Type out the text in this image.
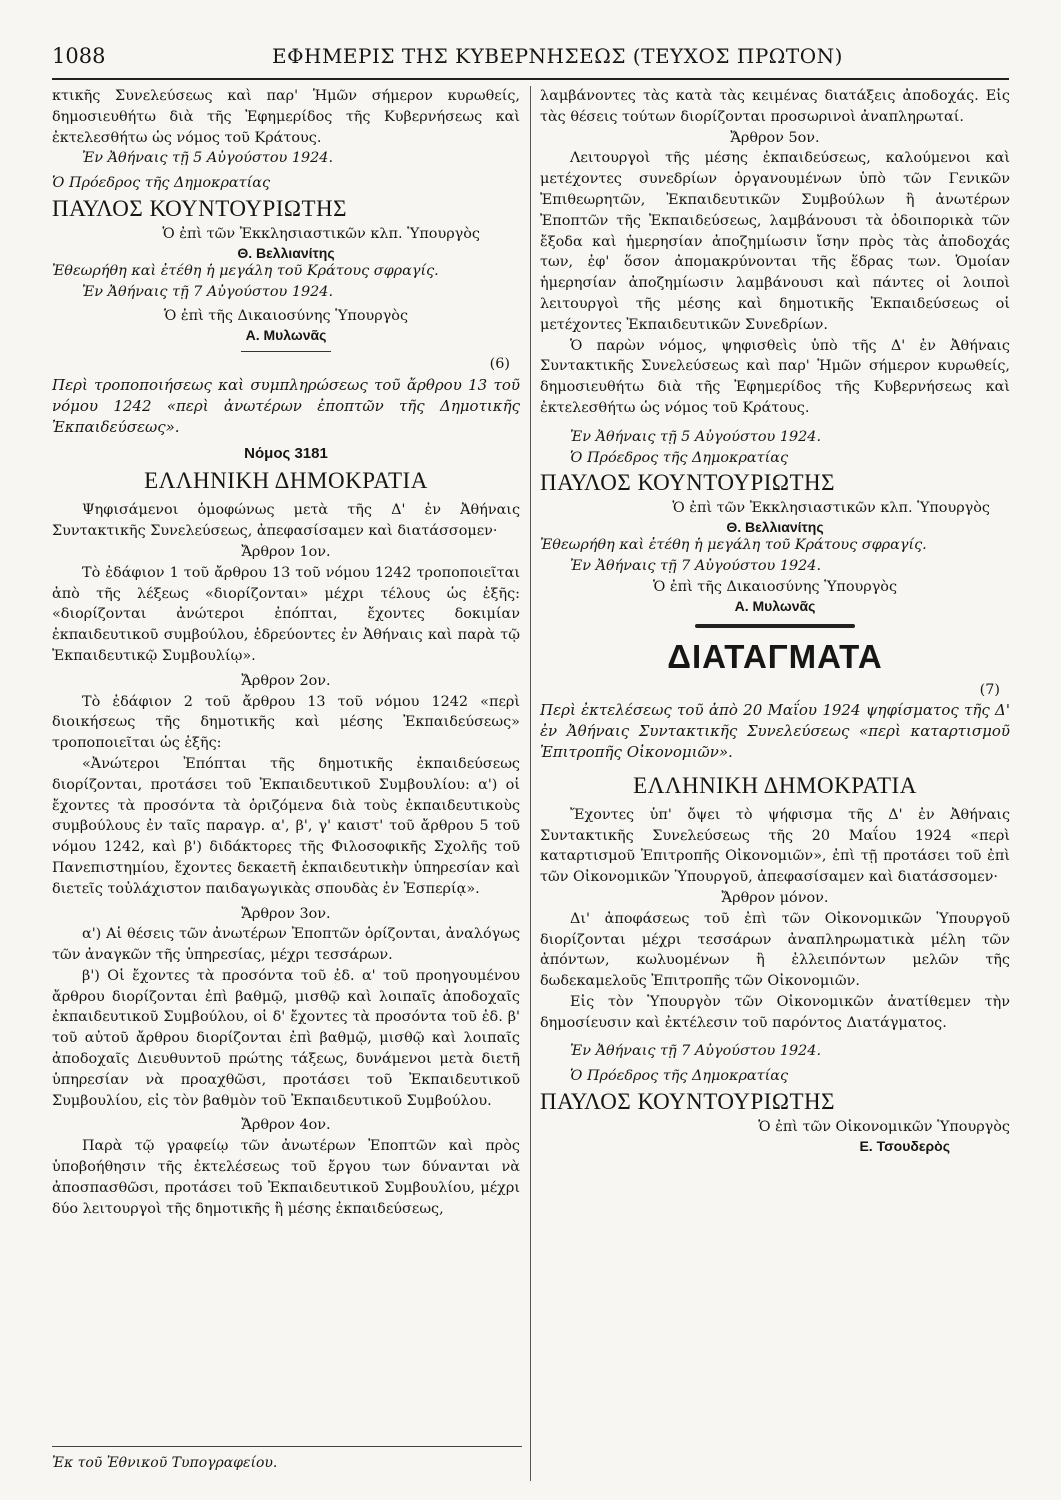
1088	ΕΦΗΜΕΡΙΣ ΤΗΣ ΚΥΒΕΡΝΗΣΕΩΣ (ΤΕΥΧΟΣ ΠΡΩΤΟΝ)

κτικῆς Συνελεύσεως καὶ παρ' Ἡμῶν σήμερον κυρωθείς, δημοσιευθήτω διὰ τῆς Ἐφημερίδος τῆς Κυβερνήσεως καὶ ἐκτελεσθήτω ὡς νόμος τοῦ Κράτους.

Ἐν Ἀθήναις τῇ 5 Αὐγούστου 1924.

Ὁ Πρόεδρος τῆς Δημοκρατίας

ΠΑΥΛΟΣ ΚΟΥΝΤΟΥΡΙΩΤΗΣ

Ὁ ἐπὶ τῶν Ἐκκλησιαστικῶν κλπ. Ὑπουργὸς

Θ. Βελλιανίτης

Ἐθεωρήθη καὶ ἐτέθη ἡ μεγάλη τοῦ Κράτους σφραγίς.

Ἐν Ἀθήναις τῇ 7 Αὐγούστου 1924.

Ὁ ἐπὶ τῆς Δικαιοσύνης Ὑπουργὸς

Α. Μυλωνᾶς

(6)

Περὶ τροποποιήσεως καὶ συμπληρώσεως τοῦ ἄρθρου 13 τοῦ νόμου 1242 «περὶ ἀνωτέρων ἐποπτῶν τῆς Δημοτικῆς Ἐκπαιδεύσεως».

Νόμος 3181

ΕΛΛΗΝΙΚΗ ΔΗΜΟΚΡΑΤΙΑ

Ψηφισάμενοι ὁμοφώνως μετὰ τῆς Δ' ἐν Ἀθήναις Συντακτικῆς Συνελεύσεως, ἀπεφασίσαμεν καὶ διατάσσομεν·

Ἄρθρον 1ον.

Τὸ ἐδάφιον 1 τοῦ ἄρθρου 13 τοῦ νόμου 1242 τροποποιεῖται ἀπὸ τῆς λέξεως «διορίζονται» μέχρι τέλους ὡς ἑξῆς: «διορίζονται ἀνώτεροι ἐπόπται, ἔχοντες δοκιμίαν ἐκπαιδευτικοῦ συμβούλου, ἑδρεύοντες ἐν Ἀθήναις καὶ παρὰ τῷ Ἐκπαιδευτικῷ Συμβουλίῳ».

Ἄρθρον 2ον.

Τὸ ἐδάφιον 2 τοῦ ἄρθρου 13 τοῦ νόμου 1242 «περὶ διοικήσεως τῆς δημοτικῆς καὶ μέσης Ἐκπαιδεύσεως» τροποποιεῖται ὡς ἑξῆς:

«Ἀνώτεροι Ἐπόπται τῆς δημοτικῆς ἐκπαιδεύσεως διορίζονται, προτάσει τοῦ Ἐκπαιδευτικοῦ Συμβουλίου: α') οἱ ἔχοντες τὰ προσόντα τὰ ὁριζόμενα διὰ τοὺς ἐκπαιδευτικοὺς συμβούλους ἐν ταῖς παραγρ. α', β', γ' καιστ' τοῦ ἄρθρου 5 τοῦ νόμου 1242, καὶ β') διδάκτορες τῆς Φιλοσοφικῆς Σχολῆς τοῦ Πανεπιστημίου, ἔχοντες δεκαετῆ ἐκπαιδευτικὴν ὑπηρεσίαν καὶ διετεῖς τοὐλάχιστον παιδαγωγικὰς σπουδὰς ἐν Ἑσπερίᾳ».

Ἄρθρον 3ον.

α') Αἱ θέσεις τῶν ἀνωτέρων Ἐποπτῶν ὁρίζονται, ἀναλόγως τῶν ἀναγκῶν τῆς ὑπηρεσίας, μέχρι τεσσάρων.

β') Οἱ ἔχοντες τὰ προσόντα τοῦ ἐδ. α' τοῦ προηγουμένου ἄρθρου διορίζονται ἐπὶ βαθμῷ, μισθῷ καὶ λοιπαῖς ἀποδοχαῖς ἐκπαιδευτικοῦ Συμβούλου, οἱ δ' ἔχοντες τὰ προσόντα τοῦ ἐδ. β' τοῦ αὐτοῦ ἄρθρου διορίζονται ἐπὶ βαθμῷ, μισθῷ καὶ λοιπαῖς ἀποδοχαῖς Διευθυντοῦ πρώτης τάξεως, δυνάμενοι μετὰ διετῆ ὑπηρεσίαν νὰ προαχθῶσι, προτάσει τοῦ Ἐκπαιδευτικοῦ Συμβουλίου, εἰς τὸν βαθμὸν τοῦ Ἐκπαιδευτικοῦ Συμβούλου.

Ἄρθρον 4ον.

Παρὰ τῷ γραφείῳ τῶν ἀνωτέρων Ἐποπτῶν καὶ πρὸς ὑποβοήθησιν τῆς ἐκτελέσεως τοῦ ἔργου των δύνανται νὰ ἀποσπασθῶσι, προτάσει τοῦ Ἐκπαιδευτικοῦ Συμβουλίου, μέχρι δύο λειτουργοὶ τῆς δημοτικῆς ἢ μέσης ἐκπαιδεύσεως,

Ἐκ τοῦ Ἐθνικοῦ Τυπογραφείου.

λαμβάνοντες τὰς κατὰ τὰς κειμένας διατάξεις ἀποδοχάς. Εἰς τὰς θέσεις τούτων διορίζονται προσωρινοὶ ἀναπληρωταί.

Ἄρθρον 5ον.

Λειτουργοὶ τῆς μέσης ἐκπαιδεύσεως, καλούμενοι καὶ μετέχοντες συνεδρίων ὀργανουμένων ὑπὸ τῶν Γενικῶν Ἐπιθεωρητῶν, Ἐκπαιδευτικῶν Συμβούλων ἢ ἀνωτέρων Ἐποπτῶν τῆς Ἐκπαιδεύσεως, λαμβάνουσι τὰ ὁδοιπορικὰ τῶν ἔξοδα καὶ ἡμερησίαν ἀποζημίωσιν ἴσην πρὸς τὰς ἀποδοχάς των, ἐφ' ὅσον ἀπομακρύνονται τῆς ἕδρας των. Ὁμοίαν ἡμερησίαν ἀποζημίωσιν λαμβάνουσι καὶ πάντες οἱ λοιποὶ λειτουργοὶ τῆς μέσης καὶ δημοτικῆς Ἐκπαιδεύσεως οἱ μετέχοντες Ἐκπαιδευτικῶν Συνεδρίων.

Ὁ παρὼν νόμος, ψηφισθεὶς ὑπὸ τῆς Δ' ἐν Ἀθήναις Συντακτικῆς Συνελεύσεως καὶ παρ' Ἡμῶν σήμερον κυρωθείς, δημοσιευθήτω διὰ τῆς Ἐφημερίδος τῆς Κυβερνήσεως καὶ ἐκτελεσθήτω ὡς νόμος τοῦ Κράτους.

Ἐν Ἀθήναις τῇ 5 Αὐγούστου 1924.

Ὁ Πρόεδρος τῆς Δημοκρατίας

ΠΑΥΛΟΣ ΚΟΥΝΤΟΥΡΙΩΤΗΣ

Ὁ ἐπὶ τῶν Ἐκκλησιαστικῶν κλπ. Ὑπουργὸς

Θ. Βελλιανίτης

Ἐθεωρήθη καὶ ἐτέθη ἡ μεγάλη τοῦ Κράτους σφραγίς.

Ἐν Ἀθήναις τῇ 7 Αὐγούστου 1924.

Ὁ ἐπὶ τῆς Δικαιοσύνης Ὑπουργὸς

Α. Μυλωνᾶς

ΔΙΑΤΑΓΜΑΤΑ

(7)

Περὶ ἐκτελέσεως τοῦ ἀπὸ 20 Μαΐου 1924 ψηφίσματος τῆς Δ' ἐν Ἀθήναις Συντακτικῆς Συνελεύσεως «περὶ καταρτισμοῦ Ἐπιτροπῆς Οἰκονομιῶν».

ΕΛΛΗΝΙΚΗ ΔΗΜΟΚΡΑΤΙΑ

Ἔχοντες ὑπ' ὄψει τὸ ψήφισμα τῆς Δ' ἐν Ἀθήναις Συντακτικῆς Συνελεύσεως τῆς 20 Μαΐου 1924 «περὶ καταρτισμοῦ Ἐπιτροπῆς Οἰκονομιῶν», ἐπὶ τῇ προτάσει τοῦ ἐπὶ τῶν Οἰκονομικῶν Ὑπουργοῦ, ἀπεφασίσαμεν καὶ διατάσσομεν·

Ἄρθρον μόνον.

Δι' ἀποφάσεως τοῦ ἐπὶ τῶν Οἰκονομικῶν Ὑπουργοῦ διορίζονται μέχρι τεσσάρων ἀναπληρωματικὰ μέλη τῶν ἀπόντων, κωλυομένων ἢ ἐλλειπόντων μελῶν τῆς δωδεκαμελοῦς Ἐπιτροπῆς τῶν Οἰκονομιῶν.

Εἰς τὸν Ὑπουργὸν τῶν Οἰκονομικῶν ἀνατίθεμεν τὴν δημοσίευσιν καὶ ἐκτέλεσιν τοῦ παρόντος Διατάγματος.

Ἐν Ἀθήναις τῇ 7 Αὐγούστου 1924.

Ὁ Πρόεδρος τῆς Δημοκρατίας

ΠΑΥΛΟΣ ΚΟΥΝΤΟΥΡΙΩΤΗΣ

Ὁ ἐπὶ τῶν Οἰκονομικῶν Ὑπουργὸς

Ε. Τσουδερὸς
